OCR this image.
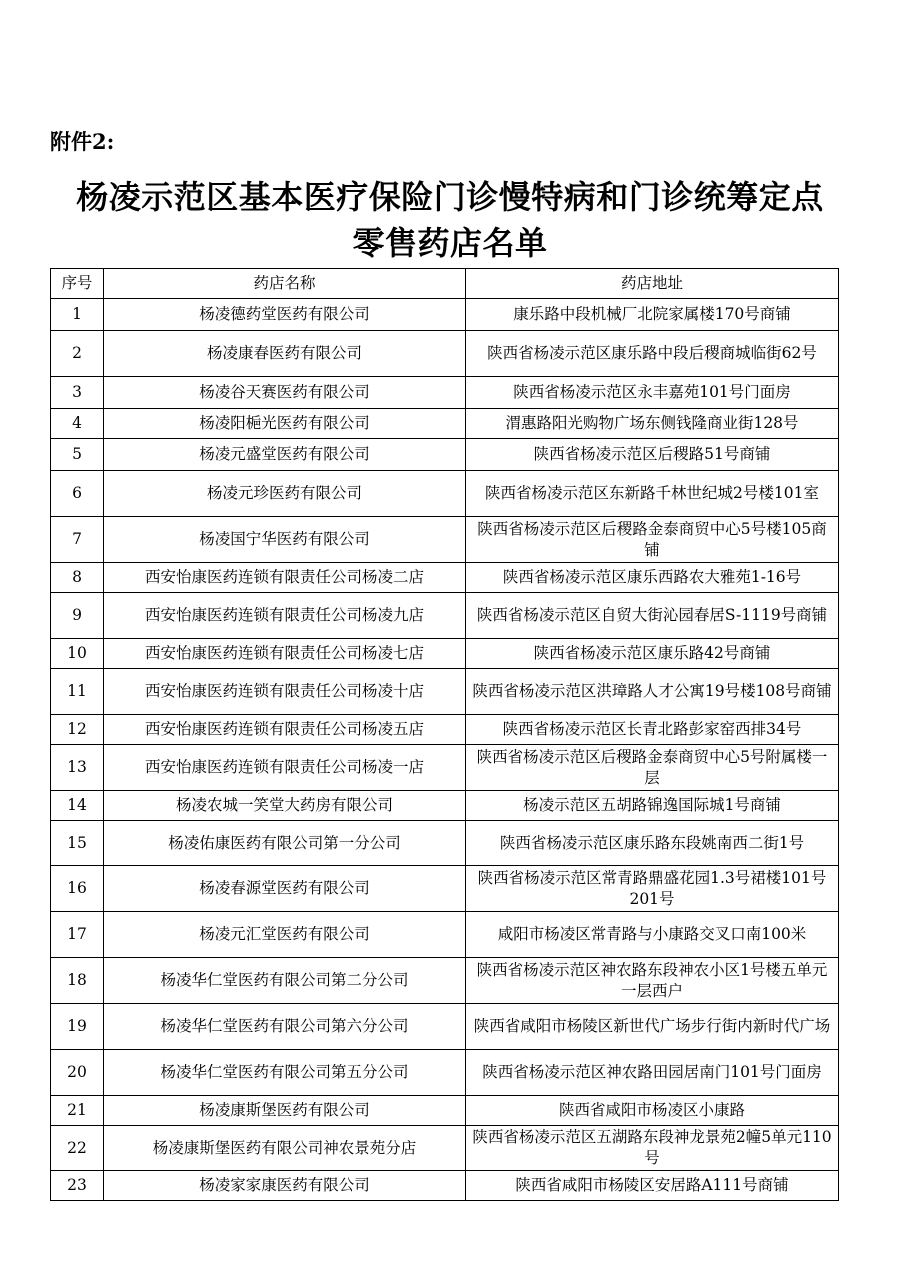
附件2:
杨凌示范区基本医疗保险门诊慢特病和门诊统筹定点
零售药店名单
序号	药店名称	药店地址
1	杨凌德药堂医药有限公司	康乐路中段机械厂北院家属楼170号商铺
2	杨凌康春医药有限公司	陕西省杨凌示范区康乐路中段后稷商城临街62号
3	杨凌谷天赛医药有限公司	陕西省杨凌示范区永丰嘉苑101号门面房
4	杨凌阳梔光医药有限公司	渭惠路阳光购物广场东侧钱隆商业街128号
5	杨凌元盛堂医药有限公司	陕西省杨凌示范区后稷路51号商铺
6	杨凌元珍医药有限公司	陕西省杨凌示范区东新路千林世纪城2号楼101室
7	杨凌国宁华医药有限公司	陕西省杨凌示范区后稷路金泰商贸中心5号楼105商铺
8	西安怡康医药连锁有限责任公司杨凌二店	陕西省杨凌示范区康乐西路农大雅苑1-16号
9	西安怡康医药连锁有限责任公司杨凌九店	陕西省杨凌示范区自贸大街沁园春居S-1119号商铺
10	西安怡康医药连锁有限责任公司杨凌七店	陕西省杨凌示范区康乐路42号商铺
11	西安怡康医药连锁有限责任公司杨凌十店	陕西省杨凌示范区洪璋路人才公寓19号楼108号商铺
12	西安怡康医药连锁有限责任公司杨凌五店	陕西省杨凌示范区长青北路彭家窑西排34号
13	西安怡康医药连锁有限责任公司杨凌一店	陕西省杨凌示范区后稷路金泰商贸中心5号附属楼一层
14	杨凌农城一笑堂大药房有限公司	杨凌示范区五胡路锦逸国际城1号商铺
15	杨凌佑康医药有限公司第一分公司	陕西省杨凌示范区康乐路东段姚南西二街1号
16	杨凌春源堂医药有限公司	陕西省杨凌示范区常青路鼎盛花园1.3号裙楼101号201号
17	杨凌元汇堂医药有限公司	咸阳市杨凌区常青路与小康路交叉口南100米
18	杨凌华仁堂医药有限公司第二分公司	陕西省杨凌示范区神农路东段神农小区1号楼五单元一层西户
19	杨凌华仁堂医药有限公司第六分公司	陕西省咸阳市杨陵区新世代广场步行街内新时代广场
20	杨凌华仁堂医药有限公司第五分公司	陕西省杨凌示范区神农路田园居南门101号门面房
21	杨凌康斯堡医药有限公司	陕西省咸阳市杨凌区小康路
22	杨凌康斯堡医药有限公司神农景苑分店	陕西省杨凌示范区五湖路东段神龙景苑2幢5单元110号
23	杨凌家家康医药有限公司	陕西省咸阳市杨陵区安居路A111号商铺
